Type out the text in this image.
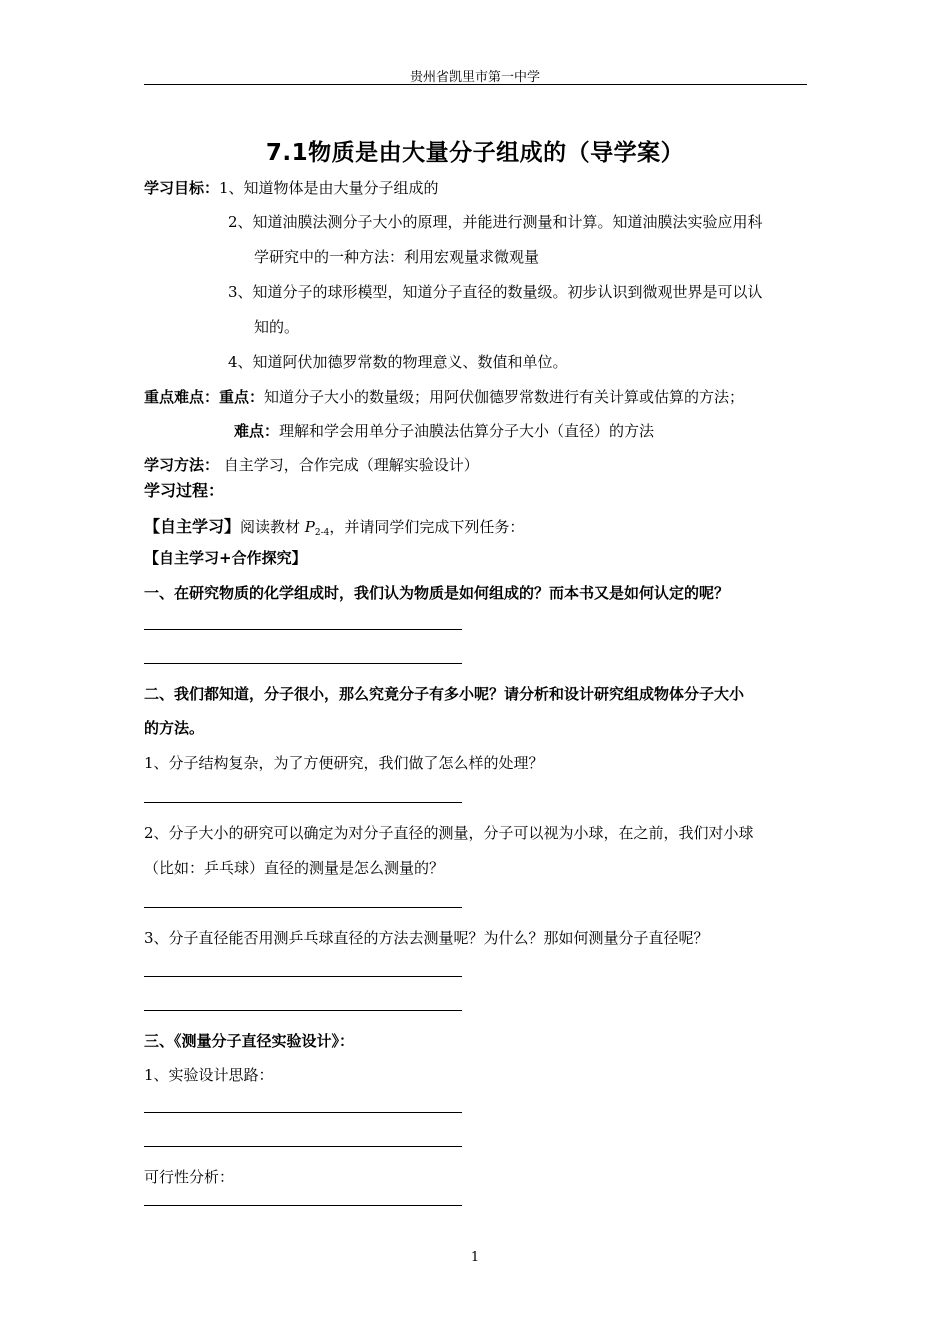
贵州省凯里市第一中学
7.1物质是由大量分子组成的（导学案）
学习目标：1、知道物体是由大量分子组成的
2、知道油膜法测分子大小的原理，并能进行测量和计算。知道油膜法实验应用科
学研究中的一种方法：利用宏观量求微观量
3、知道分子的球形模型，知道分子直径的数量级。初步认识到微观世界是可以认
知的。
4、知道阿伏加德罗常数的物理意义、数值和单位。
重点难点：重点：知道分子大小的数量级；用阿伏伽德罗常数进行有关计算或估算的方法；
难点：理解和学会用单分子油膜法估算分子大小（直径）的方法
学习方法： 自主学习，合作完成（理解实验设计）
学习过程：
【自主学习】阅读教材 $P_{2-4}$，并请同学们完成下列任务：
【自主学习+合作探究】
一、在研究物质的化学组成时，我们认为物质是如何组成的？而本书又是如何认定的呢？
二、我们都知道，分子很小，那么究竟分子有多小呢？请分析和设计研究组成物体分子大小
的方法。
1、分子结构复杂，为了方便研究，我们做了怎么样的处理？
2、分子大小的研究可以确定为对分子直径的测量，分子可以视为小球，在之前，我们对小球
（比如：乒乓球）直径的测量是怎么测量的？
3、分子直径能否用测乒乓球直径的方法去测量呢？为什么？那如何测量分子直径呢？
三、《测量分子直径实验设计》：
1、实验设计思路：
可行性分析：
1
